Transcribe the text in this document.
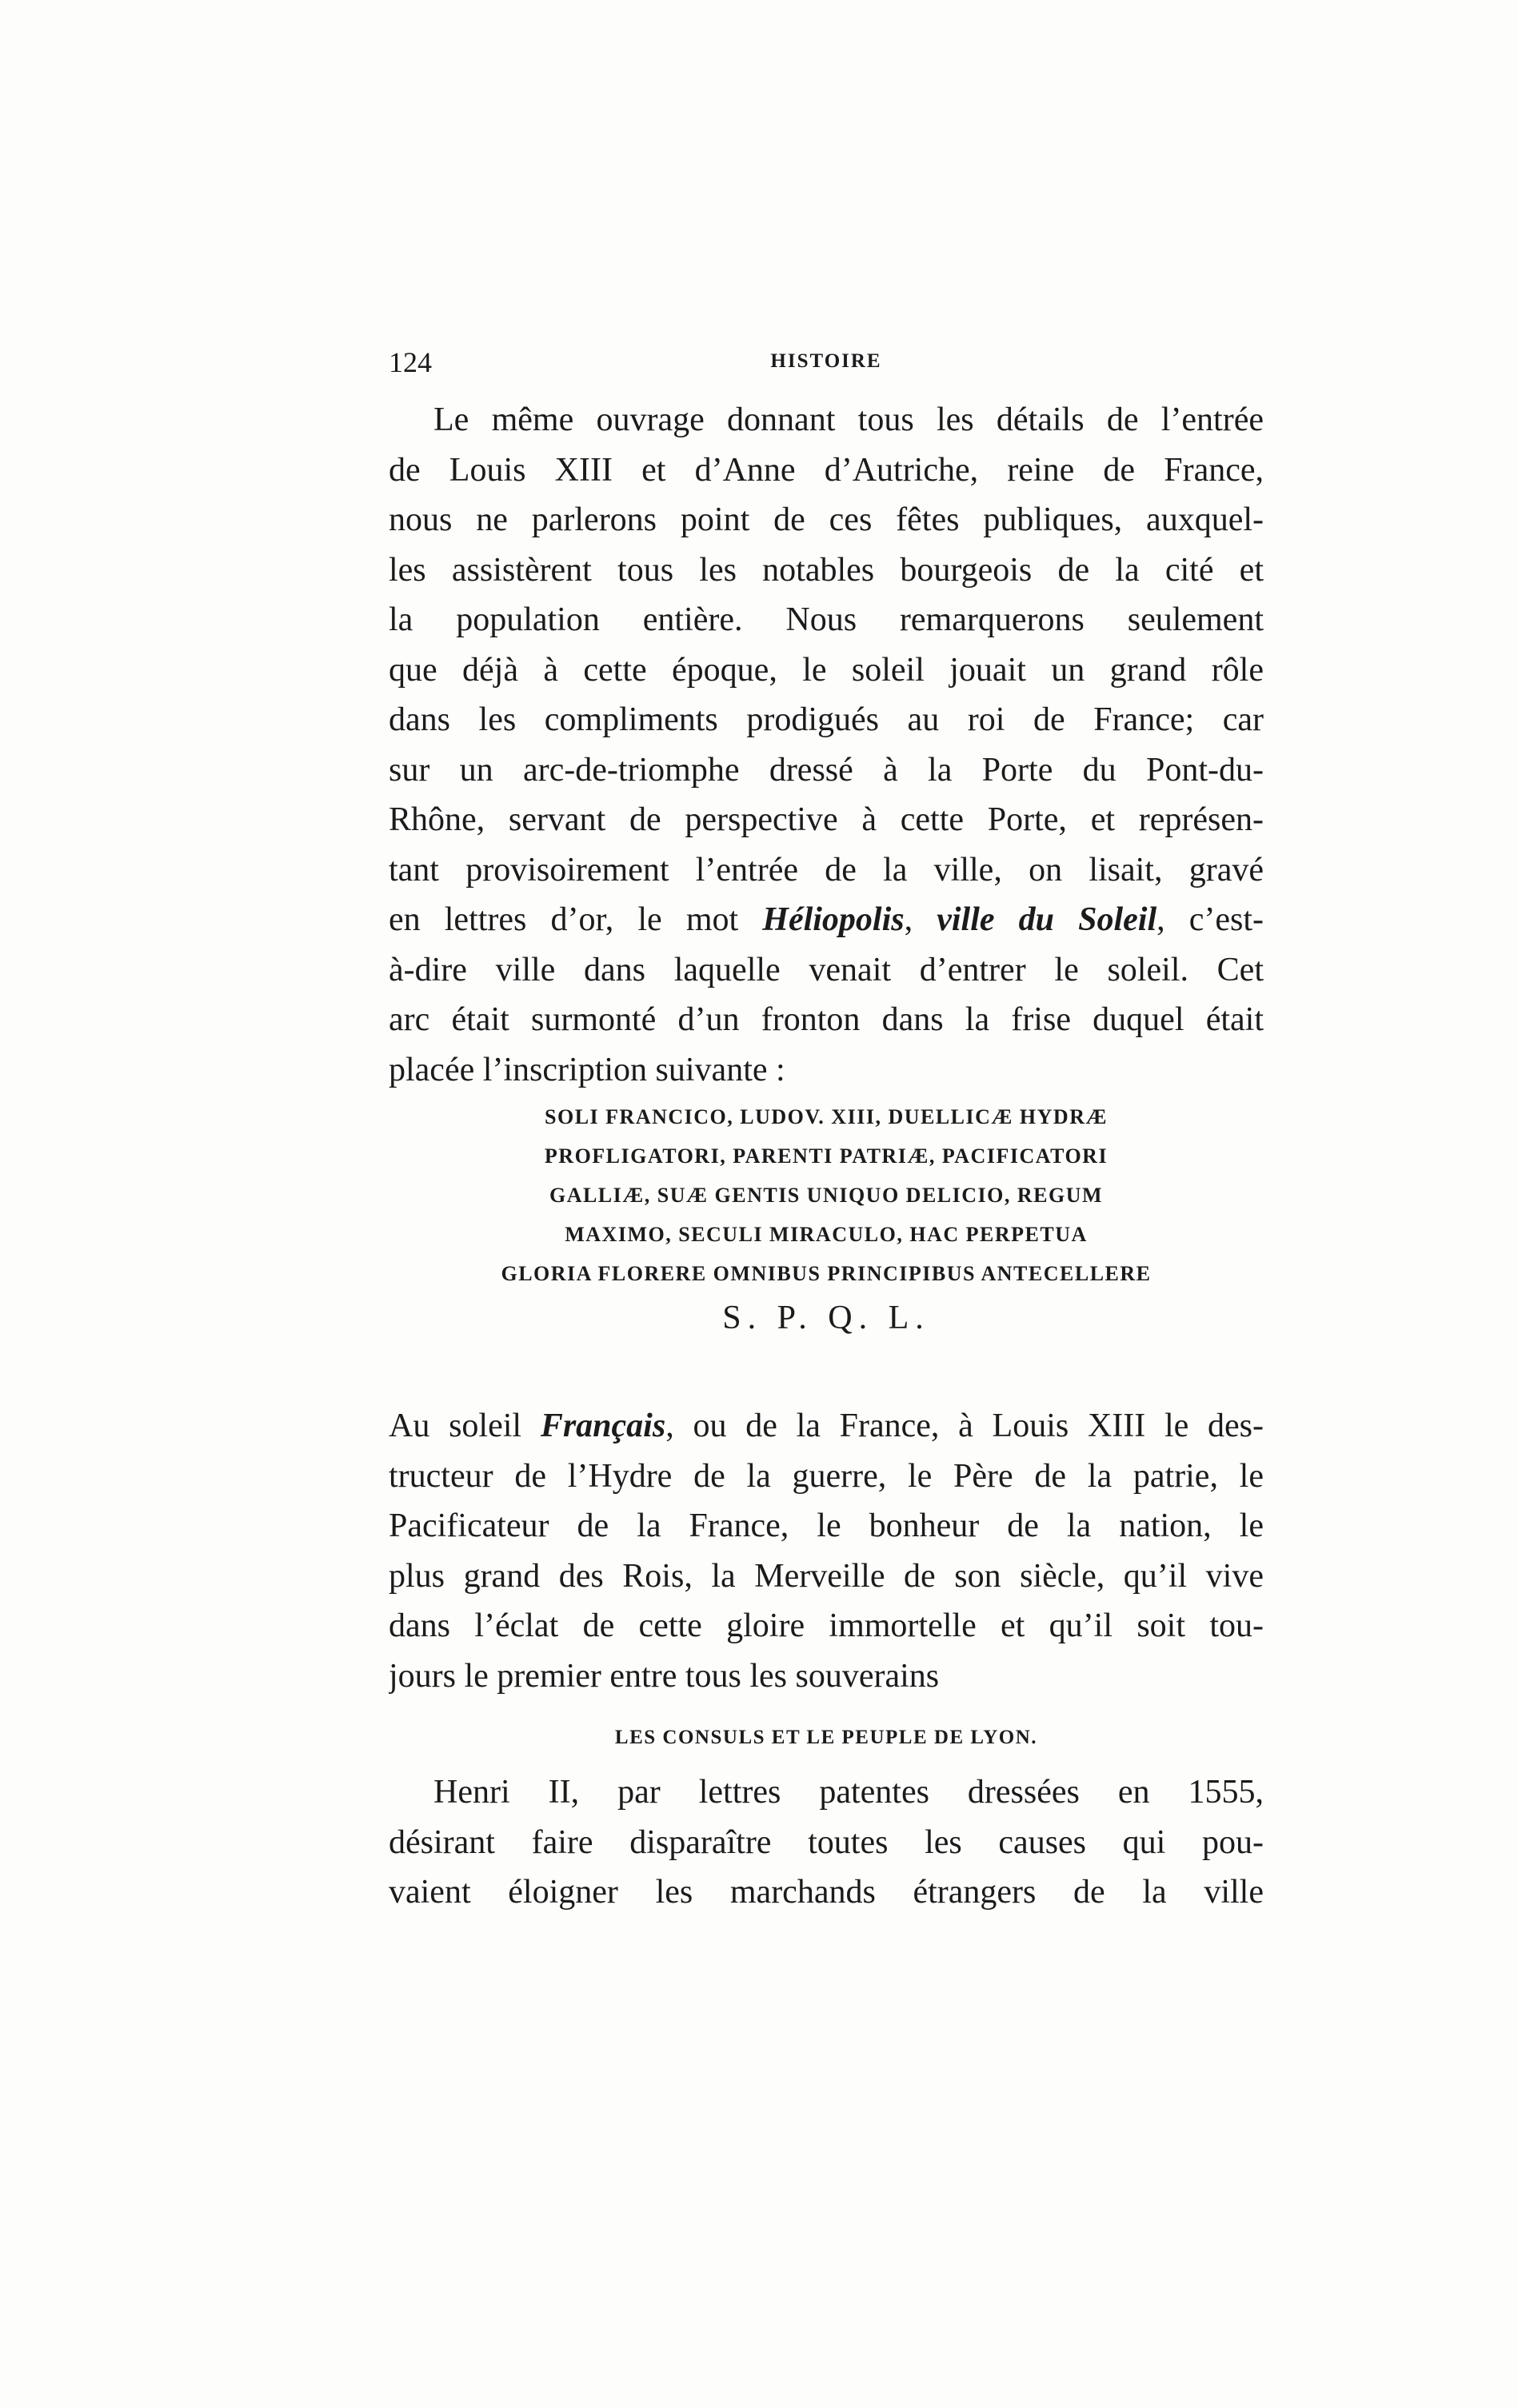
124	HISTOIRE
Le même ouvrage donnant tous les détails de l’entrée
de Louis XIII et d’Anne d’Autriche, reine de France,
nous ne parlerons point de ces fêtes publiques, auxquel-
les assistèrent tous les notables bourgeois de la cité et
la population entière. Nous remarquerons seulement
que déjà à cette époque, le soleil jouait un grand rôle
dans les compliments prodigués au roi de France; car
sur un arc-de-triomphe dressé à la Porte du Pont-du-
Rhône, servant de perspective à cette Porte, et représen-
tant provisoirement l’entrée de la ville, on lisait, gravé
en lettres d’or, le mot Héliopolis, ville du Soleil, c’est-
à-dire ville dans laquelle venait d’entrer le soleil. Cet
arc était surmonté d’un fronton dans la frise duquel était
placée l’inscription suivante :
SOLI FRANCICO, LUDOV. XIII, DUELLICÆ HYDRÆ
PROFLIGATORI, PARENTI PATRIÆ, PACIFICATORI
GALLIÆ, SUÆ GENTIS UNIQUO DELICIO, REGUM
MAXIMO, SECULI MIRACULO, HAC PERPETUA
GLORIA FLORERE OMNIBUS PRINCIPIBUS ANTECELLERE
S. P. Q. L.
Au soleil Français, ou de la France, à Louis XIII le des-
tructeur de l’Hydre de la guerre, le Père de la patrie, le
Pacificateur de la France, le bonheur de la nation, le
plus grand des Rois, la Merveille de son siècle, qu’il vive
dans l’éclat de cette gloire immortelle et qu’il soit tou-
jours le premier entre tous les souverains
LES CONSULS ET LE PEUPLE DE LYON.
Henri II, par lettres patentes dressées en 1555,
désirant faire disparaître toutes les causes qui pou-
vaient éloigner les marchands étrangers de la ville
